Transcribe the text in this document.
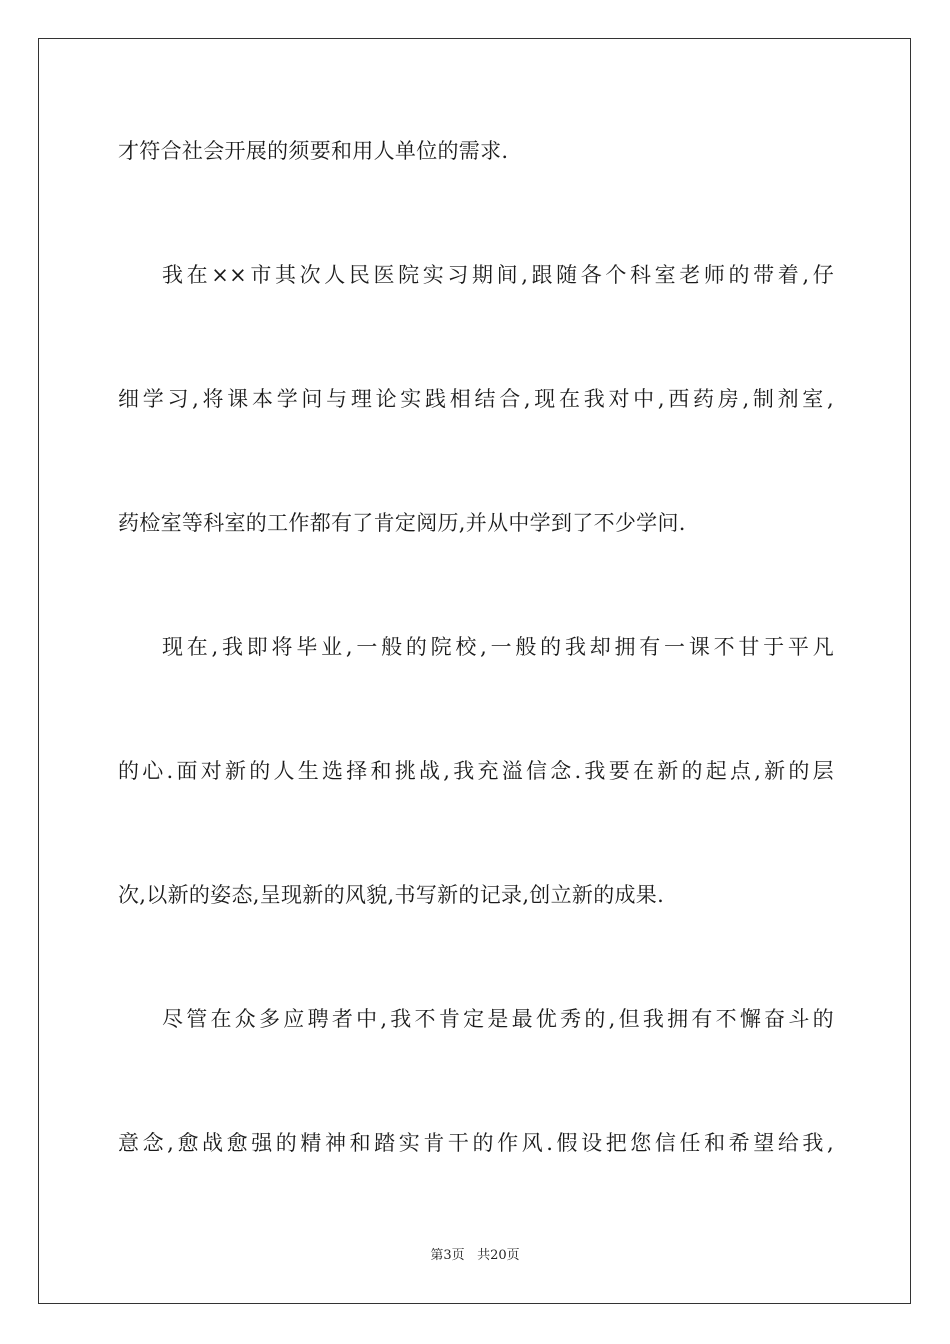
才符合社会开展的须要和用人单位的需求.
我在××市其次人民医院实习期间,跟随各个科室老师的带着,仔
细学习,将课本学问与理论实践相结合,现在我对中,西药房,制剂室,
药检室等科室的工作都有了肯定阅历,并从中学到了不少学问.
现在,我即将毕业,一般的院校,一般的我却拥有一课不甘于平凡
的心.面对新的人生选择和挑战,我充溢信念.我要在新的起点,新的层
次,以新的姿态,呈现新的风貌,书写新的记录,创立新的成果.
尽管在众多应聘者中,我不肯定是最优秀的,但我拥有不懈奋斗的
意念,愈战愈强的精神和踏实肯干的作风.假设把您信任和希望给我,
第3页 共20页
